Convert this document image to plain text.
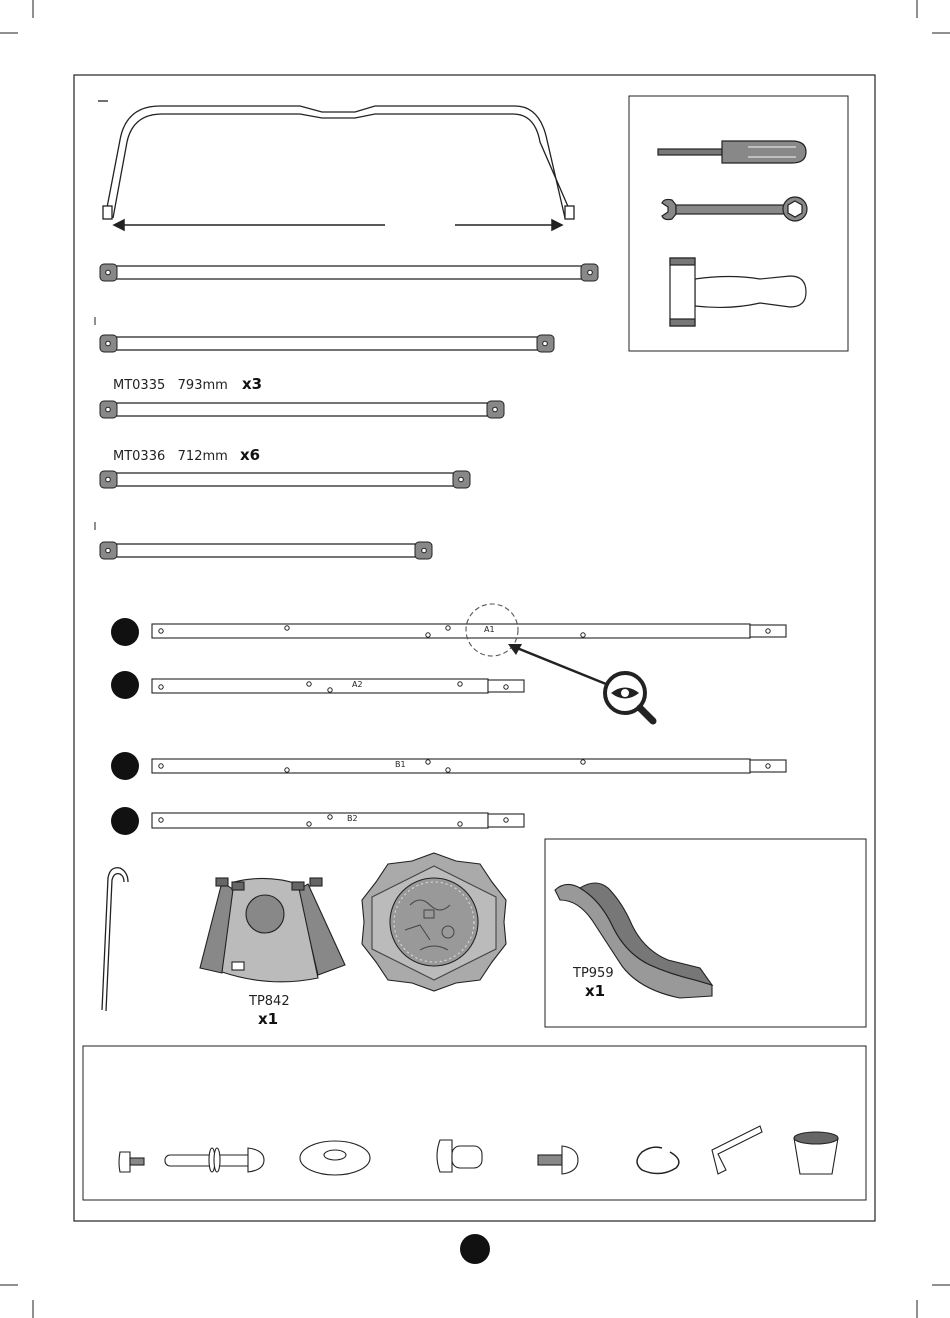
MT0335 793mm x3
MT0336 712mm x6
A1
A2
B1
B2
TP842
x1
TP959
x1
